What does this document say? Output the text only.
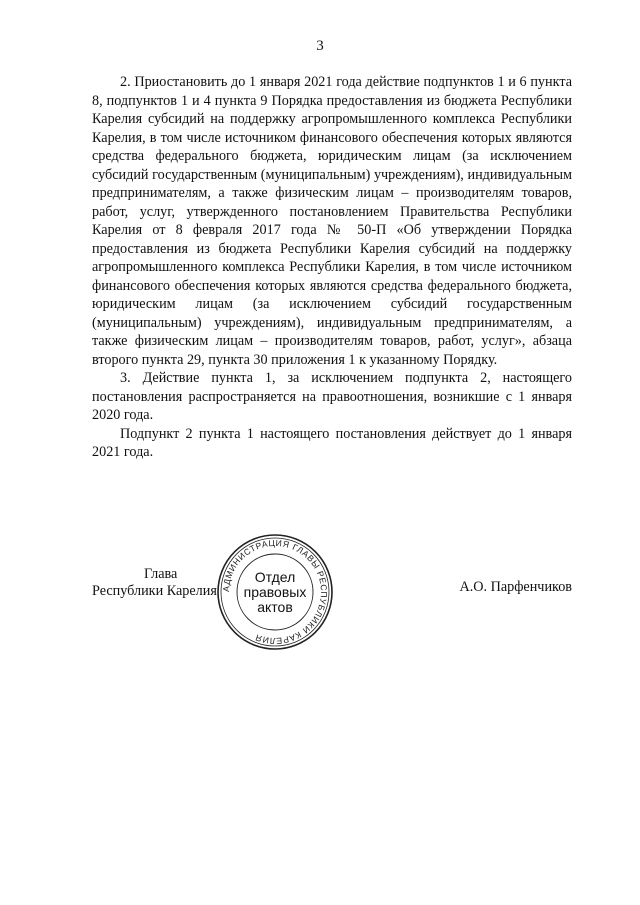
3

2. Приостановить до 1 января 2021 года действие подпунктов 1 и 6 пункта 8, подпунктов 1 и 4 пункта 9 Порядка предоставления из бюджета Республики Карелия субсидий на поддержку агропромышленного комплекса Республики Карелия, в том числе источником финансового обеспечения которых являются средства федерального бюджета, юридическим лицам (за исключением субсидий государственным (муниципальным) учреждениям), индивидуальным предпринимателям, а также физическим лицам – производителям товаров, работ, услуг, утвержденного постановлением Правительства Республики Карелия от 8 февраля 2017 года № 50-П «Об утверждении Порядка предоставления из бюджета Республики Карелия субсидий на поддержку агропромышленного комплекса Республики Карелия, в том числе источником финансового обеспечения которых являются средства федерального бюджета, юридическим лицам (за исключением субсидий государственным (муниципальным) учреждениям), индивидуальным предпринимателям, а также физическим лицам – производителям товаров, работ, услуг», абзаца второго пункта 29, пункта 30 приложения 1 к указанному Порядку.

3. Действие пункта 1, за исключением подпункта 2, настоящего постановления распространяется на правоотношения, возникшие с 1 января 2020 года.

Подпункт 2 пункта 1 настоящего постановления действует до 1 января 2021 года.

Глава
Республики Карелия	А.О. Парфенчиков
АДМИНИСТРАЦИЯ ГЛАВЫ РЕСПУБЛИКИ КАРЕЛИЯ
Отдел
правовых
актов
